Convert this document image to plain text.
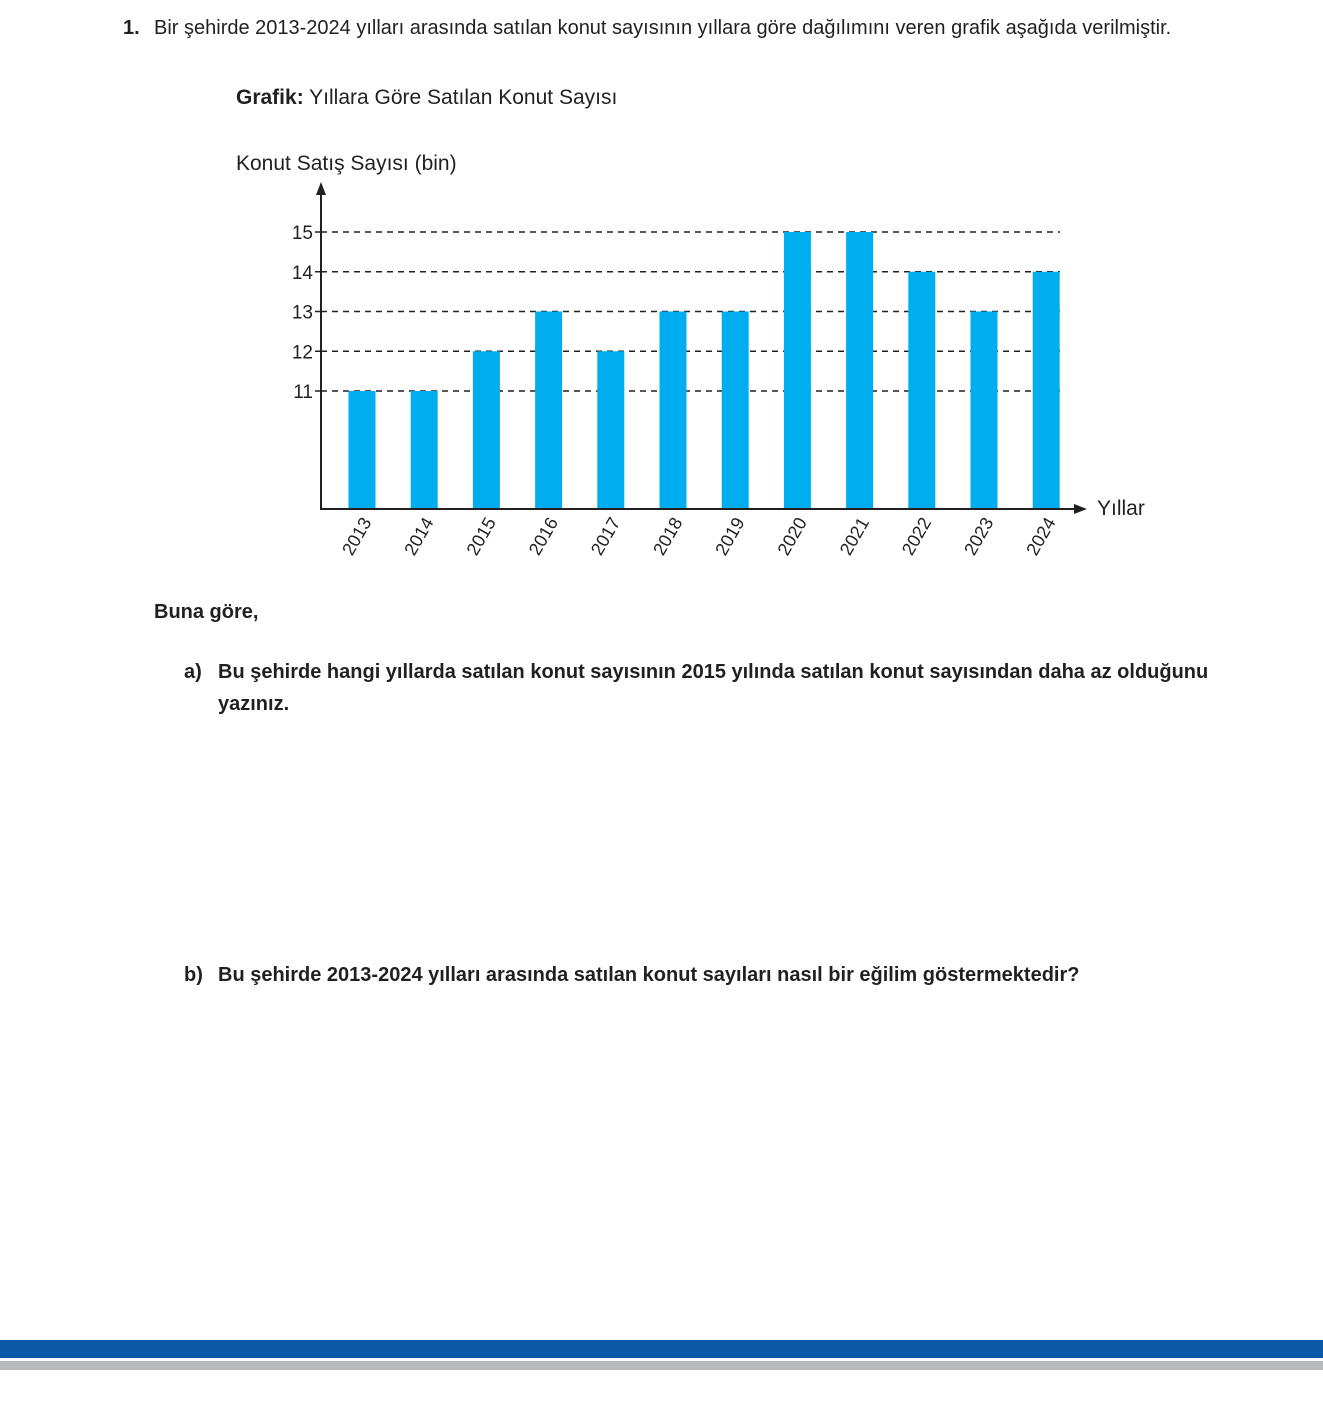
1. Bir şehirde 2013-2024 yılları arasında satılan konut sayısının yıllara göre dağılımını veren grafik aşağıda verilmiştir.
Grafik: Yıllara Göre Satılan Konut Sayısı
Konut Satış Sayısı (bin)
Yıllar
11
12
13
14
15
2013 2014 2015 2016 2017 2018 2019 2020 2021 2022 2023 2024
Buna göre,
a) Bu şehirde hangi yıllarda satılan konut sayısının 2015 yılında satılan konut sayısından daha az olduğunu yazınız.
b) Bu şehirde 2013-2024 yılları arasında satılan konut sayıları nasıl bir eğilim göstermektedir?
